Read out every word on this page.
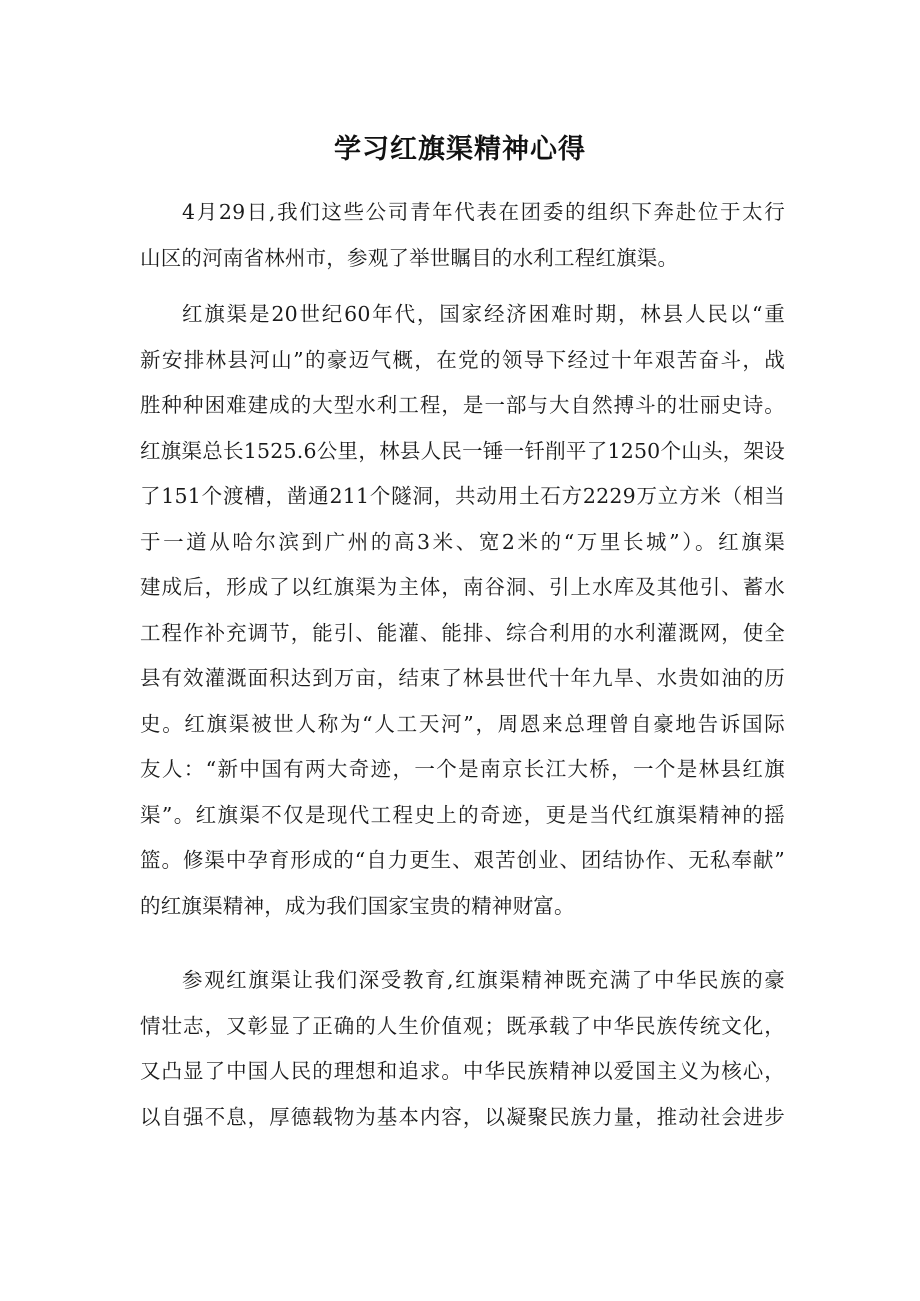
学习红旗渠精神心得
4月29日,我们这些公司青年代表在团委的组织下奔赴位于太行
山区的河南省林州市，参观了举世瞩目的水利工程红旗渠。
红旗渠是20世纪60年代，国家经济困难时期，林县人民以“重
新安排林县河山”的豪迈气概，在党的领导下经过十年艰苦奋斗，战
胜种种困难建成的大型水利工程，是一部与大自然搏斗的壮丽史诗。
红旗渠总长1525.6公里，林县人民一锤一钎削平了1250个山头，架设
了151个渡槽，凿通211个隧洞，共动用土石方2229万立方米（相当
于一道从哈尔滨到广州的高3米、宽2米的“万里长城”）。红旗渠
建成后，形成了以红旗渠为主体，南谷洞、引上水库及其他引、蓄水
工程作补充调节，能引、能灌、能排、综合利用的水利灌溉网，使全
县有效灌溉面积达到万亩，结束了林县世代十年九旱、水贵如油的历
史。红旗渠被世人称为“人工天河”，周恩来总理曾自豪地告诉国际
友人：“新中国有两大奇迹，一个是南京长江大桥，一个是林县红旗
渠”。红旗渠不仅是现代工程史上的奇迹，更是当代红旗渠精神的摇
篮。修渠中孕育形成的“自力更生、艰苦创业、团结协作、无私奉献”
的红旗渠精神，成为我们国家宝贵的精神财富。
参观红旗渠让我们深受教育,红旗渠精神既充满了中华民族的豪
情壮志，又彰显了正确的人生价值观；既承载了中华民族传统文化，
又凸显了中国人民的理想和追求。中华民族精神以爱国主义为核心，
以自强不息，厚德载物为基本内容，以凝聚民族力量，推动社会进步
